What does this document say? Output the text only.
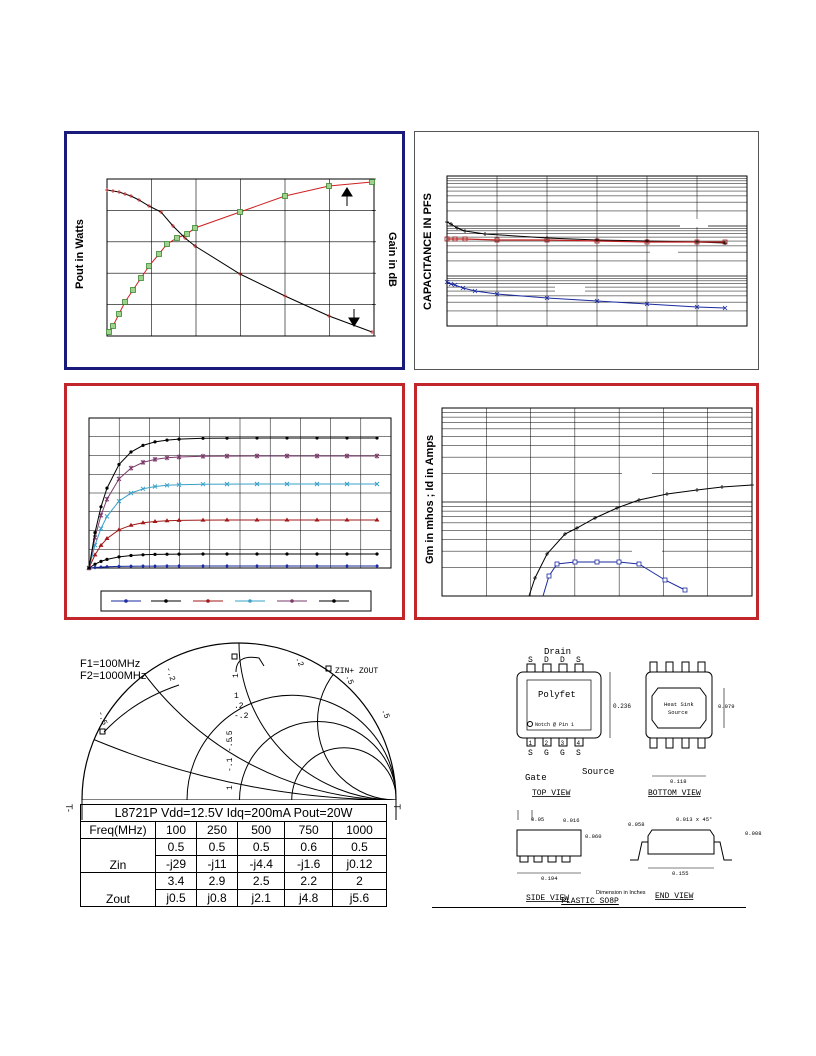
Pout in Watts	Gain in dB CAPACITANCE IN PFS
Gm in mhos ; Id in Amps
F1=100MHz
F2=1000MHz	ZIN+ ZOUT
-.2
-.5
1
.2
.5
.5
1
.2
-.2
.5
-.5
-.1
1
T-	T
L8721P Vdd=12.5V Idq=200mA Pout=20W					
Freq(MHz)	100	250	500	750	1000
Zin	0.5	0.5	0.5	0.6	0.5
	-j29	-j11	-j4.4	-j1.6	j0.12
Zout	3.4	2.9	2.5	2.2	2
	j0.5	j0.8	j2.1	j4.8	j5.6
Drain
S D D S
Polyfet
Notch @ Pin 1
0.236
1
S
2
G
3
G
4
S
Gate
Source
TOP VIEW
Heat Sink
Source
0.079
0.118
BOTTOM VIEW
0.05	0.016
0.060
0.194
SIDE VIEW
Dimension in Inches
0.058
0.013 x 45°
0.008
0.155
END VIEW
PLASTIC SO8P
